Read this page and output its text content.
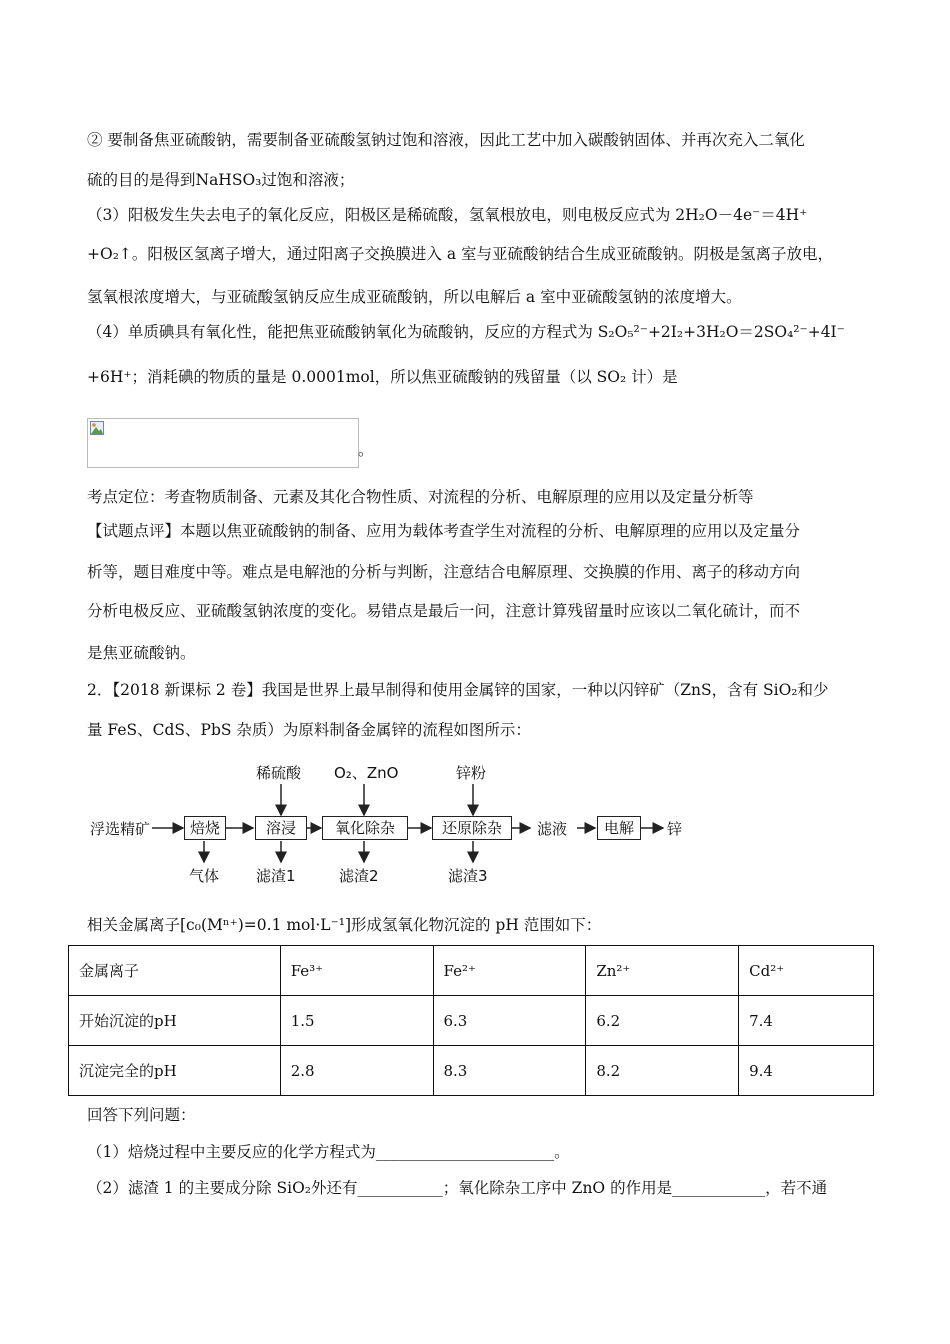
② 要制备焦亚硫酸钠，需要制备亚硫酸氢钠过饱和溶液，因此工艺中加入碳酸钠固体、并再次充入二氧化
硫的目的是得到NaHSO₃过饱和溶液；
（3）阳极发生失去电子的氧化反应，阳极区是稀硫酸，氢氧根放电，则电极反应式为 2H₂O－4e⁻＝4H⁺
+O₂↑。阳极区氢离子增大，通过阳离子交换膜进入 a 室与亚硫酸钠结合生成亚硫酸钠。阴极是氢离子放电，
氢氧根浓度增大，与亚硫酸氢钠反应生成亚硫酸钠，所以电解后 a 室中亚硫酸氢钠的浓度增大。
（4）单质碘具有氧化性，能把焦亚硫酸钠氧化为硫酸钠，反应的方程式为 S₂O₅²⁻+2I₂+3H₂O＝2SO₄²⁻+4I⁻
+6H⁺；消耗碘的物质的量是 0.0001mol，所以焦亚硫酸钠的残留量（以 SO₂ 计）是
。
考点定位：考查物质制备、元素及其化合物性质、对流程的分析、电解原理的应用以及定量分析等
【试题点评】本题以焦亚硫酸钠的制备、应用为载体考查学生对流程的分析、电解原理的应用以及定量分
析等，题目难度中等。难点是电解池的分析与判断，注意结合电解原理、交换膜的作用、离子的移动方向
分析电极反应、亚硫酸氢钠浓度的变化。易错点是最后一问，注意计算残留量时应该以二氧化硫计，而不
是焦亚硫酸钠。
2．【2018 新课标 2 卷】我国是世界上最早制得和使用金属锌的国家，一种以闪锌矿（ZnS，含有 SiO₂和少
量 FeS、CdS、PbS 杂质）为原料制备金属锌的流程如图所示：
浮选精矿	焙烧	溶浸	氧化除杂	还原除杂	滤液	电解	锌
稀硫酸 O₂、ZnO	锌粉
气体 滤渣1	滤渣2	滤渣3
相关金属离子[c₀(Mⁿ⁺)=0.1 mol·L⁻¹]形成氢氧化物沉淀的 pH 范围如下：
金属离子	Fe³⁺	Fe²⁺	Zn²⁺	Cd²⁺
开始沉淀的pH	1.5	6.3	6.2	7.4
沉淀完全的pH	2.8	8.3	8.2	9.4
回答下列问题：
（1）焙烧过程中主要反应的化学方程式为_______________________。
（2）滤渣 1 的主要成分除 SiO₂外还有___________；氧化除杂工序中 ZnO 的作用是____________，若不通
